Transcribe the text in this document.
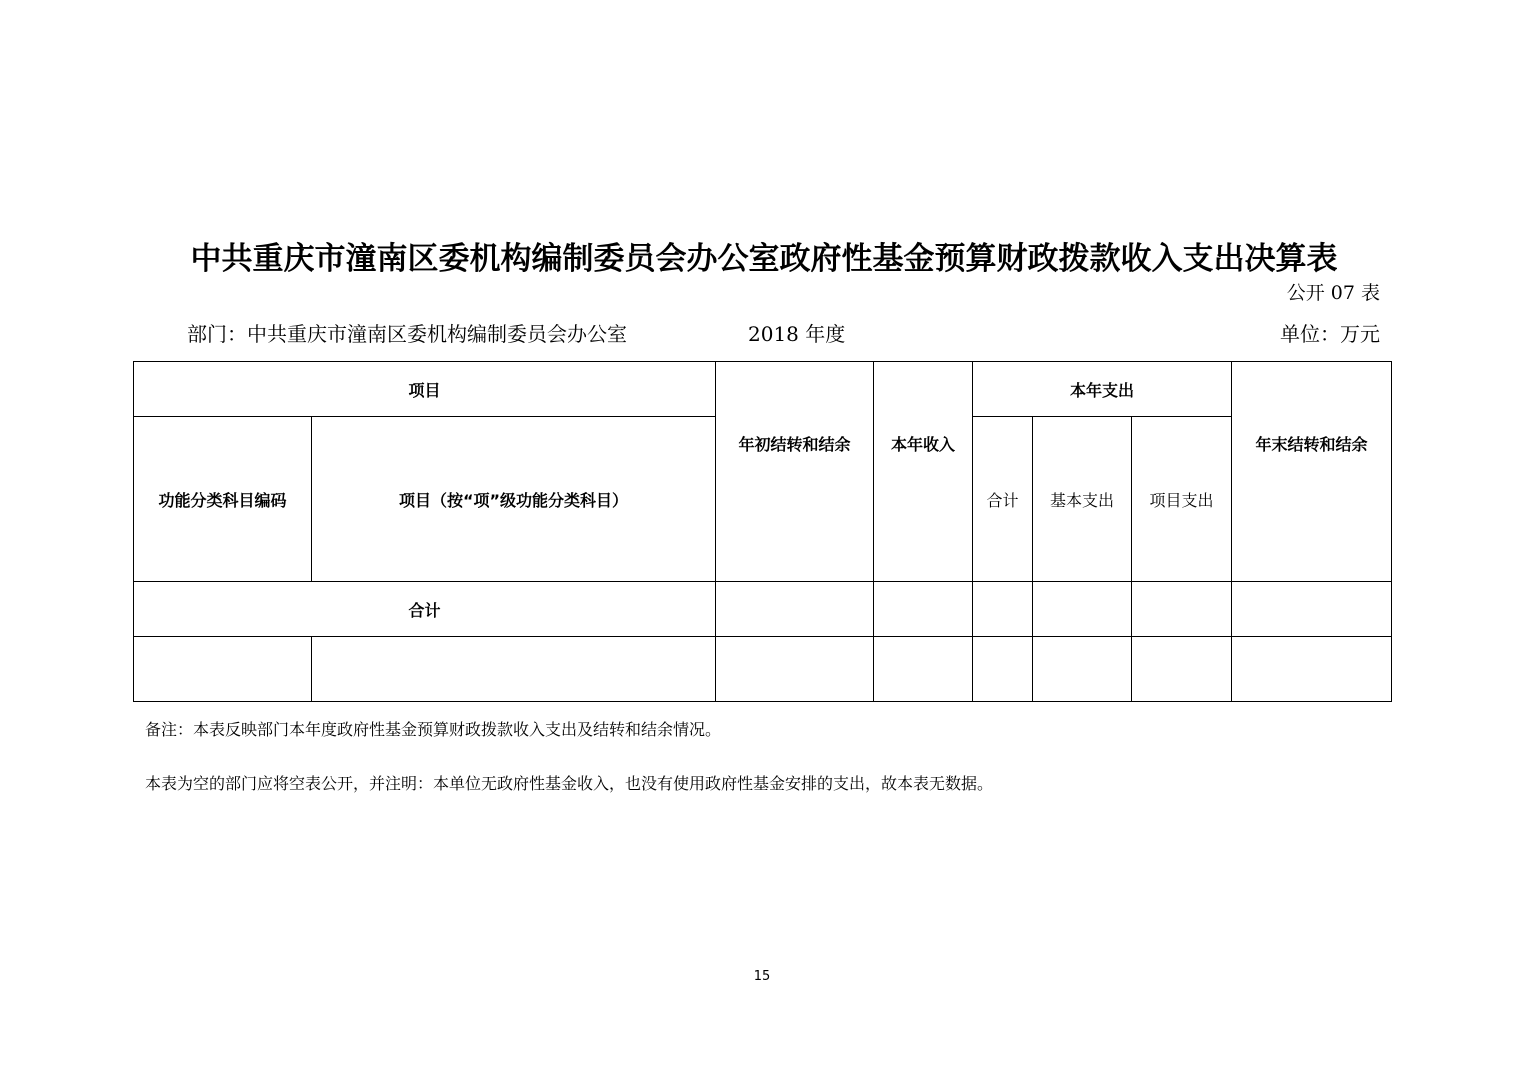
中共重庆市潼南区委机构编制委员会办公室政府性基金预算财政拨款收入支出决算表
公开 07 表
部门：中共重庆市潼南区委机构编制委员会办公室	2018 年度	单位：万元
项目		年初结转和结余	本年收入	本年支出			年末结转和结余
功能分类科目编码	项目（按“项”级功能分类科目）			合计	基本支出	项目支出	
合计							

备注：本表反映部门本年度政府性基金预算财政拨款收入支出及结转和结余情况。
本表为空的部门应将空表公开，并注明：本单位无政府性基金收入，也没有使用政府性基金安排的支出，故本表无数据。
15
